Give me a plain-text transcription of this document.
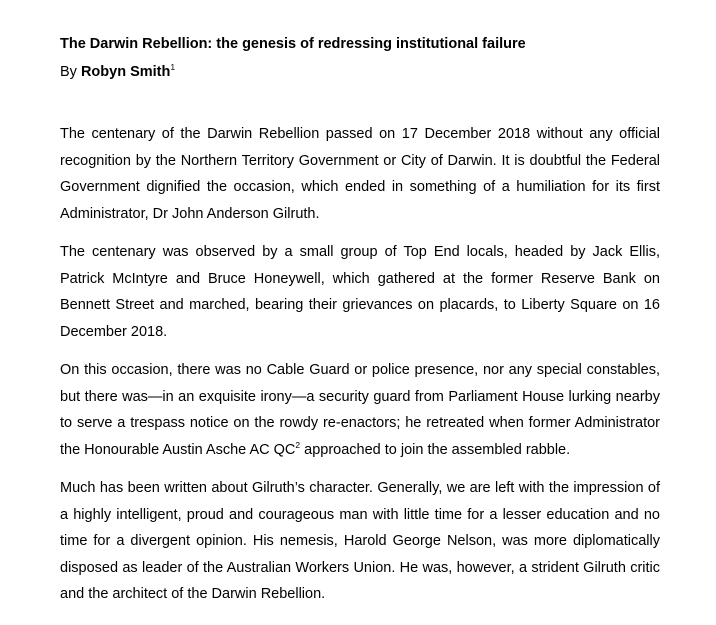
The Darwin Rebellion: the genesis of redressing institutional failure
By Robyn Smith$^1$

The centenary of the Darwin Rebellion passed on 17 December 2018 without any official recognition by the Northern Territory Government or City of Darwin. It is doubtful the Federal Government dignified the occasion, which ended in something of a humiliation for its first Administrator, Dr John Anderson Gilruth.

The centenary was observed by a small group of Top End locals, headed by Jack Ellis, Patrick McIntyre and Bruce Honeywell, which gathered at the former Reserve Bank on Bennett Street and marched, bearing their grievances on placards, to Liberty Square on 16 December 2018.

On this occasion, there was no Cable Guard or police presence, nor any special constables, but there was—in an exquisite irony—a security guard from Parliament House lurking nearby to serve a trespass notice on the rowdy re-enactors; he retreated when former Administrator the Honourable Austin Asche AC $QC^2$ approached to join the assembled rabble.

Much has been written about Gilruth’s character. Generally, we are left with the impression of a highly intelligent, proud and courageous man with little time for a lesser education and no time for a divergent opinion. His nemesis, Harold George Nelson, was more diplomatically disposed as leader of the Australian Workers Union. He was, however, a strident Gilruth critic and the architect of the Darwin Rebellion.
